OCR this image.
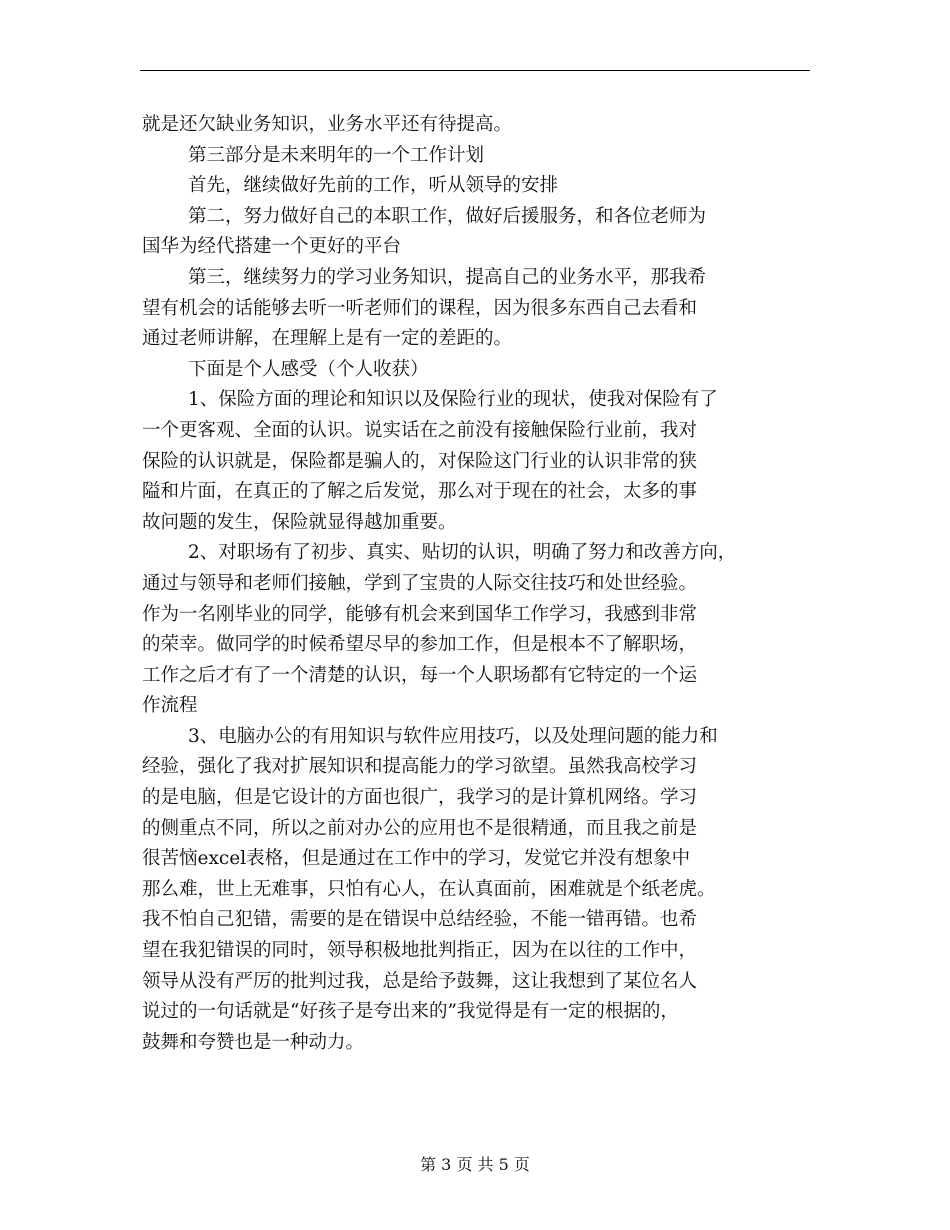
就是还欠缺业务知识，业务水平还有待提高。
第三部分是未来明年的一个工作计划
首先，继续做好先前的工作，听从领导的安排
第二，努力做好自己的本职工作，做好后援服务，和各位老师为
国华为经代搭建一个更好的平台
第三，继续努力的学习业务知识，提高自己的业务水平，那我希
望有机会的话能够去听一听老师们的课程，因为很多东西自己去看和
通过老师讲解，在理解上是有一定的差距的。
下面是个人感受（个人收获）
1、保险方面的理论和知识以及保险行业的现状，使我对保险有了
一个更客观、全面的认识。说实话在之前没有接触保险行业前，我对
保险的认识就是，保险都是骗人的，对保险这门行业的认识非常的狭
隘和片面，在真正的了解之后发觉，那么对于现在的社会，太多的事
故问题的发生，保险就显得越加重要。
2、对职场有了初步、真实、贴切的认识，明确了努力和改善方向，
通过与领导和老师们接触，学到了宝贵的人际交往技巧和处世经验。
作为一名刚毕业的同学，能够有机会来到国华工作学习，我感到非常
的荣幸。做同学的时候希望尽早的参加工作，但是根本不了解职场，
工作之后才有了一个清楚的认识，每一个人职场都有它特定的一个运
作流程
3、电脑办公的有用知识与软件应用技巧，以及处理问题的能力和
经验，强化了我对扩展知识和提高能力的学习欲望。虽然我高校学习
的是电脑，但是它设计的方面也很广，我学习的是计算机网络。学习
的侧重点不同，所以之前对办公的应用也不是很精通，而且我之前是
很苦恼excel表格，但是通过在工作中的学习，发觉它并没有想象中
那么难，世上无难事，只怕有心人，在认真面前，困难就是个纸老虎。
我不怕自己犯错，需要的是在错误中总结经验，不能一错再错。也希
望在我犯错误的同时，领导积极地批判指正，因为在以往的工作中，
领导从没有严厉的批判过我，总是给予鼓舞，这让我想到了某位名人
说过的一句话就是“好孩子是夸出来的”我觉得是有一定的根据的，
鼓舞和夸赞也是一种动力。
第 3 页 共 5 页
